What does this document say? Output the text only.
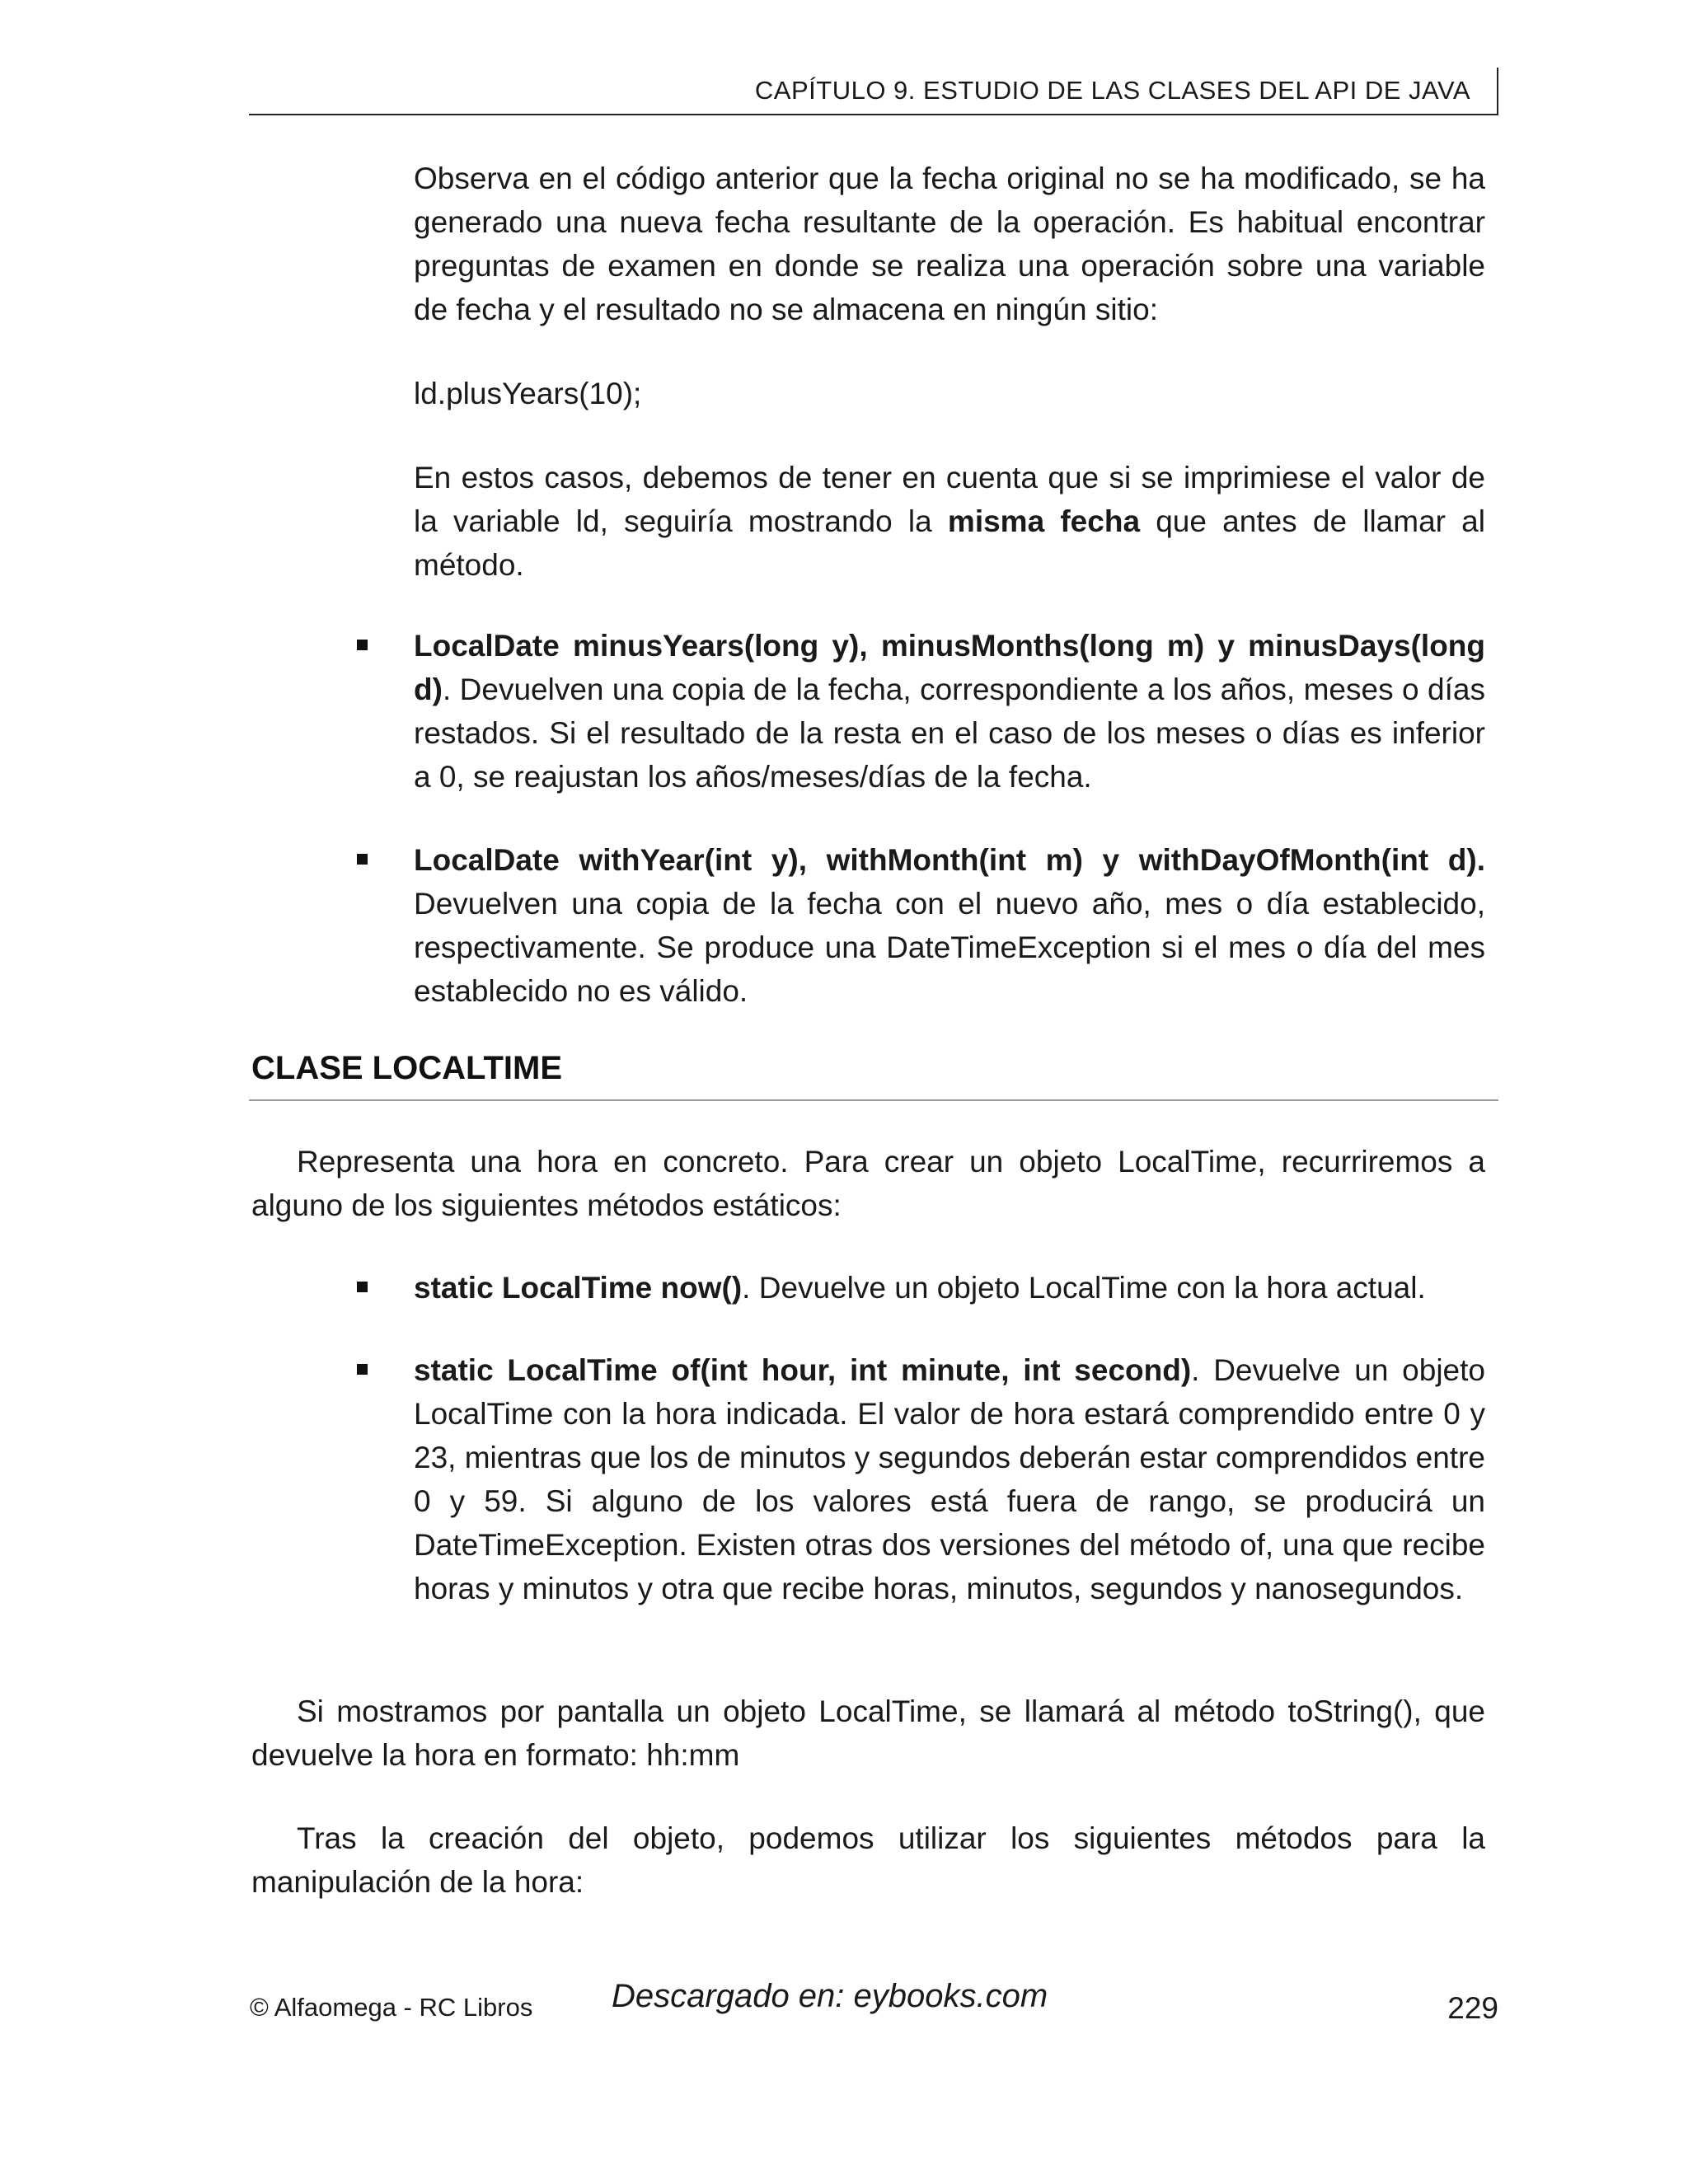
CAPÍTULO 9. ESTUDIO DE LAS CLASES DEL API DE JAVA

Observa en el código anterior que la fecha original no se ha modificado, se ha generado una nueva fecha resultante de la operación. Es habitual encontrar preguntas de examen en donde se realiza una operación sobre una variable de fecha y el resultado no se almacena en ningún sitio:

ld.plusYears(10);

En estos casos, debemos de tener en cuenta que si se imprimiese el valor de la variable ld, seguiría mostrando la misma fecha que antes de llamar al método.

LocalDate minusYears(long y), minusMonths(long m) y minusDays(long d). Devuelven una copia de la fecha, correspondiente a los años, meses o días restados. Si el resultado de la resta en el caso de los meses o días es inferior a 0, se reajustan los años/meses/días de la fecha.

LocalDate withYear(int y), withMonth(int m) y withDayOfMonth(int d). Devuelven una copia de la fecha con el nuevo año, mes o día establecido, respectivamente. Se produce una DateTimeException si el mes o día del mes establecido no es válido.

CLASE LOCALTIME

Representa una hora en concreto. Para crear un objeto LocalTime, recurriremos a alguno de los siguientes métodos estáticos:

static LocalTime now(). Devuelve un objeto LocalTime con la hora actual.

static LocalTime of(int hour, int minute, int second). Devuelve un objeto LocalTime con la hora indicada. El valor de hora estará comprendido entre 0 y 23, mientras que los de minutos y segundos deberán estar comprendidos entre 0 y 59. Si alguno de los valores está fuera de rango, se producirá un DateTimeException. Existen otras dos versiones del método of, una que recibe horas y minutos y otra que recibe horas, minutos, segundos y nanosegundos.

Si mostramos por pantalla un objeto LocalTime, se llamará al método toString(), que devuelve la hora en formato: hh:mm

Tras la creación del objeto, podemos utilizar los siguientes métodos para la manipulación de la hora:

© Alfaomega - RC Libros Descargado en: eybooks.com	229
